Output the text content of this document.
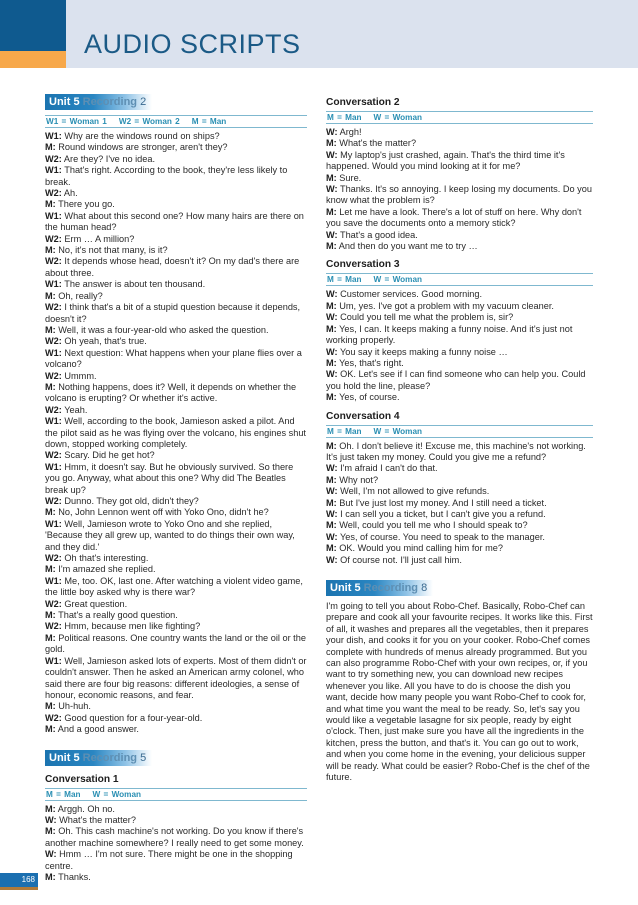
AUDIO SCRIPTS
Unit 5 Recording 2
W1 = Woman 1 W2 = Woman 2 M = Man

W1: Why are the windows round on ships?

M: Round windows are stronger, aren't they?

W2: Are they? I've no idea.

W1: That's right. According to the book, they're less likely to break.

W2: Ah.

M: There you go.

W1: What about this second one? How many hairs are there on the human head?

W2: Erm … A million?

M: No, it's not that many, is it?

W2: It depends whose head, doesn't it? On my dad's there are about three.

W1: The answer is about ten thousand.

M: Oh, really?

W2: I think that's a bit of a stupid question because it depends, doesn't it?

M: Well, it was a four-year-old who asked the question.

W2: Oh yeah, that's true.

W1: Next question: What happens when your plane flies over a volcano?

W2: Ummm.

M: Nothing happens, does it? Well, it depends on whether the volcano is erupting? Or whether it's active.

W2: Yeah.

W1: Well, according to the book, Jamieson asked a pilot. And the pilot said as he was flying over the volcano, his engines shut down, stopped working completely.

W2: Scary. Did he get hot?

W1: Hmm, it doesn't say. But he obviously survived. So there you go. Anyway, what about this one? Why did The Beatles break up?

W2: Dunno. They got old, didn't they?

M: No, John Lennon went off with Yoko Ono, didn't he?

W1: Well, Jamieson wrote to Yoko Ono and she replied, 'Because they all grew up, wanted to do things their own way, and they did.'

W2: Oh that's interesting.

M: I'm amazed she replied.

W1: Me, too. OK, last one. After watching a violent video game, the little boy asked why is there war?

W2: Great question.

M: That's a really good question.

W2: Hmm, because men like fighting?

M: Political reasons. One country wants the land or the oil or the gold.

W1: Well, Jamieson asked lots of experts. Most of them didn't or couldn't answer. Then he asked an American army colonel, who said there are four big reasons: different ideologies, a sense of honour, economic reasons, and fear.

M: Uh-huh.

W2: Good question for a four-year-old.

M: And a good answer.

Unit 5 Recording 5
Conversation 1
M = Man W = Woman

M: Arggh. Oh no.

W: What's the matter?

M: Oh. This cash machine's not working. Do you know if there's another machine somewhere? I really need to get some money.

W: Hmm … I'm not sure. There might be one in the shopping centre.

M: Thanks.

Conversation 2
M = Man W = Woman

W: Argh!

M: What's the matter?

W: My laptop's just crashed, again. That's the third time it's happened. Would you mind looking at it for me?

M: Sure.

W: Thanks. It's so annoying. I keep losing my documents. Do you know what the problem is?

M: Let me have a look. There's a lot of stuff on here. Why don't you save the documents onto a memory stick?

W: That's a good idea.

M: And then do you want me to try …

Conversation 3
M = Man W = Woman

W: Customer services. Good morning.

M: Um, yes. I've got a problem with my vacuum cleaner.

W: Could you tell me what the problem is, sir?

M: Yes, I can. It keeps making a funny noise. And it's just not working properly.

W: You say it keeps making a funny noise …

M: Yes, that's right.

W: OK. Let's see if I can find someone who can help you. Could you hold the line, please?

M: Yes, of course.

Conversation 4
M = Man W = Woman

M: Oh. I don't believe it! Excuse me, this machine's not working. It's just taken my money. Could you give me a refund?

W: I'm afraid I can't do that.

M: Why not?

W: Well, I'm not allowed to give refunds.

M: But I've just lost my money. And I still need a ticket.

W: I can sell you a ticket, but I can't give you a refund.

M: Well, could you tell me who I should speak to?

W: Yes, of course. You need to speak to the manager.

M: OK. Would you mind calling him for me?

W: Of course not. I'll just call him.

Unit 5 Recording 8

I'm going to tell you about Robo-Chef. Basically, Robo-Chef can prepare and cook all your favourite recipes. It works like this. First of all, it washes and prepares all the vegetables, then it prepares your dish, and cooks it for you on your cooker. Robo-Chef comes complete with hundreds of menus already programmed. But you can also programme Robo-Chef with your own recipes, or, if you want to try something new, you can download new recipes whenever you like. All you have to do is choose the dish you want, decide how many people you want Robo-Chef to cook for, and what time you want the meal to be ready. So, let's say you would like a vegetable lasagne for six people, ready by eight o'clock. Then, just make sure you have all the ingredients in the kitchen, press the button, and that's it. You can go out to work, and when you come home in the evening, your delicious supper will be ready. What could be easier? Robo-Chef is the chef of the future.

168
